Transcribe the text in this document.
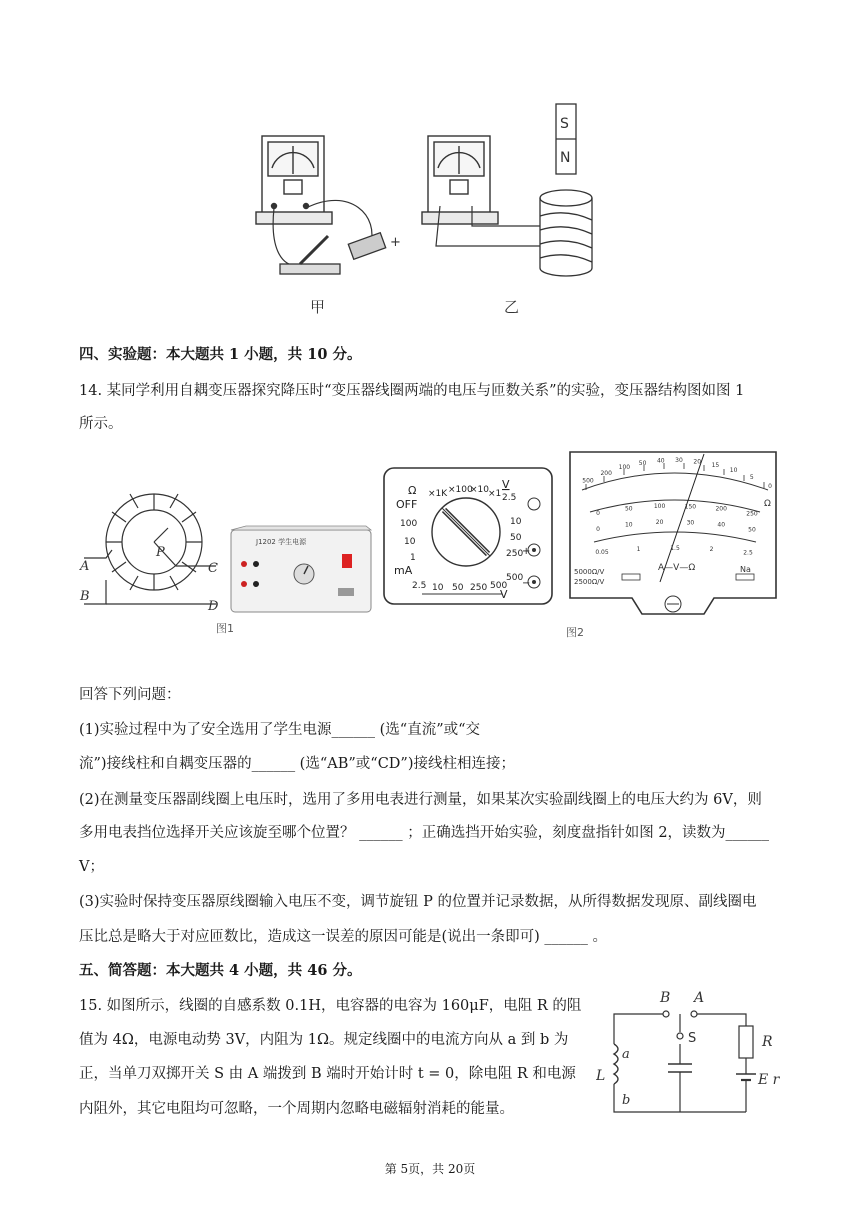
+
甲
S
N
乙
四、实验题：本大题共 1 小题，共 10 分。
14. 某同学利用自耦变压器探究降压时“变压器线圈两端的电压与匝数关系”的实验，变压器结构图如图 1
所示。
P
A
B
C
D
J1202 学生电源
图1
Ω
OFF
×1K ×100
×10 ×1
V
2.5
10
50
250
500
100
10
1
mA
2.5 10 50 250 500
V
+
−
5000Ω/V
2500Ω/V
A—V—Ω	Na
Ω
500
200
100
50 40 30 20 15
10
5
0
0
50	100	150	200
250
0
10	20	30	40
50
0.05	1	1.5	2	2.5
图2
回答下列问题：
(1)实验过程中为了安全选用了学生电源______ (选“直流”或“交
流”)接线柱和自耦变压器的______ (选“AB”或“CD”)接线柱相连接；
(2)在测量变压器副线圈上电压时，选用了多用电表进行测量，如果某次实验副线圈上的电压大约为 6V，则
多用电表挡位选择开关应该旋至哪个位置？ ______ ；正确选挡开始实验，刻度盘指针如图 2，读数为______
V；
(3)实验时保持变压器原线圈输入电压不变，调节旋钮 P 的位置并记录数据，从所得数据发现原、副线圈电
压比总是略大于对应匝数比，造成这一误差的原因可能是(说出一条即可) ______ 。
五、简答题：本大题共 4 小题，共 46 分。
15. 如图所示，线圈的自感系数 0.1H，电容器的电容为 160μF，电阻 R 的阻
值为 4Ω，电源电动势 3V，内阻为 1Ω。规定线圈中的电流方向从 a 到 b 为
正，当单刀双掷开关 S 由 A 端拨到 B 端时开始计时 t = 0，除电阻 R 和电源
内阻外，其它电阻均可忽略，一个周期内忽略电磁辐射消耗的能量。
B A
S	R
a
b
L	E r
第 5页，共 20页
